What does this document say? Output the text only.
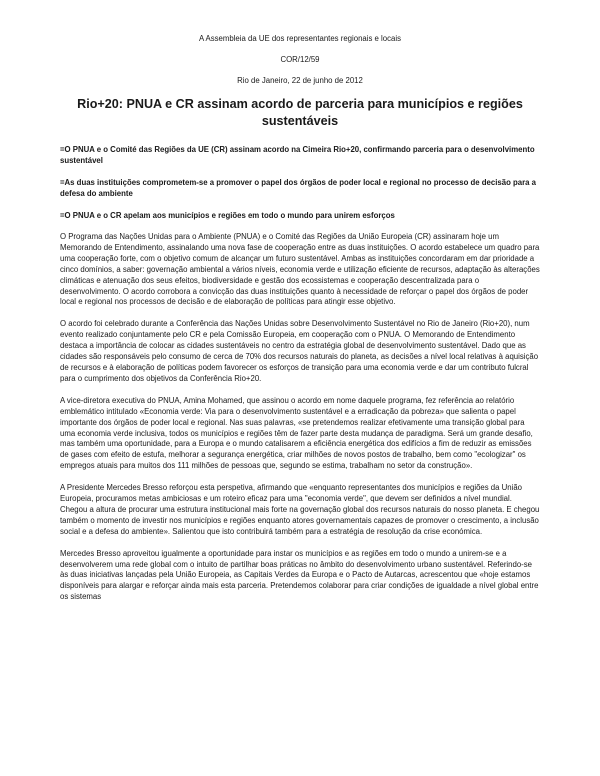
A Assembleia da UE dos representantes regionais e locais

COR/12/59

Rio de Janeiro, 22 de junho de 2012

Rio+20: PNUA e CR assinam acordo de parceria para municípios e regiões sustentáveis

=O PNUA e o Comité das Regiões da UE (CR) assinam acordo na Cimeira Rio+20, confirmando parceria para o desenvolvimento sustentável

=As duas instituições comprometem-se a promover o papel dos órgãos de poder local e regional no processo de decisão para a defesa do ambiente

=O PNUA e o CR apelam aos municípios e regiões em todo o mundo para unirem esforços

O Programa das Nações Unidas para o Ambiente (PNUA) e o Comité das Regiões da União Europeia (CR) assinaram hoje um Memorando de Entendimento, assinalando uma nova fase de cooperação entre as duas instituições. O acordo estabelece um quadro para uma cooperação forte, com o objetivo comum de alcançar um futuro sustentável. Ambas as instituições concordaram em dar prioridade a cinco domínios, a saber: governação ambiental a vários níveis, economia verde e utilização eficiente de recursos, adaptação às alterações climáticas e atenuação dos seus efeitos, biodiversidade e gestão dos ecossistemas e cooperação descentralizada para o desenvolvimento. O acordo corrobora a convicção das duas instituições quanto à necessidade de reforçar o papel dos órgãos de poder local e regional nos processos de decisão e de elaboração de políticas para atingir esse objetivo.

O acordo foi celebrado durante a Conferência das Nações Unidas sobre Desenvolvimento Sustentável no Rio de Janeiro (Rio+20), num evento realizado conjuntamente pelo CR e pela Comissão Europeia, em cooperação com o PNUA. O Memorando de Entendimento destaca a importância de colocar as cidades sustentáveis no centro da estratégia global de desenvolvimento sustentável. Dado que as cidades são responsáveis pelo consumo de cerca de 70% dos recursos naturais do planeta, as decisões a nível local relativas à aquisição de recursos e à elaboração de políticas podem favorecer os esforços de transição para uma economia verde e dar um contributo fulcral para o cumprimento dos objetivos da Conferência Rio+20.

A vice-diretora executiva do PNUA, Amina Mohamed, que assinou o acordo em nome daquele programa, fez referência ao relatório emblemático intitulado «Economia verde: Via para o desenvolvimento sustentável e a erradicação da pobreza» que salienta o papel importante dos órgãos de poder local e regional. Nas suas palavras, «se pretendemos realizar efetivamente uma transição global para uma economia verde inclusiva, todos os municípios e regiões têm de fazer parte desta mudança de paradigma. Será um grande desafio, mas também uma oportunidade, para a Europa e o mundo catalisarem a eficiência energética dos edifícios a fim de reduzir as emissões de gases com efeito de estufa, melhorar a segurança energética, criar milhões de novos postos de trabalho, bem como "ecologizar" os empregos atuais para muitos dos 111 milhões de pessoas que, segundo se estima, trabalham no setor da construção».

A Presidente Mercedes Bresso reforçou esta perspetiva, afirmando que «enquanto representantes dos municípios e regiões da União Europeia, procuramos metas ambiciosas e um roteiro eficaz para uma "economia verde", que devem ser definidos a nível mundial. Chegou a altura de procurar uma estrutura institucional mais forte na governação global dos recursos naturais do nosso planeta. E chegou também o momento de investir nos municípios e regiões enquanto atores governamentais capazes de promover o crescimento, a inclusão social e a defesa do ambiente». Salientou que isto contribuirá também para a estratégia de resolução da crise económica.

Mercedes Bresso aproveitou igualmente a oportunidade para instar os municípios e as regiões em todo o mundo a unirem-se e a desenvolverem uma rede global com o intuito de partilhar boas práticas no âmbito do desenvolvimento urbano sustentável. Referindo-se às duas iniciativas lançadas pela União Europeia, as Capitais Verdes da Europa e o Pacto de Autarcas, acrescentou que «hoje estamos disponíveis para alargar e reforçar ainda mais esta parceria. Pretendemos colaborar para criar condições de igualdade a nível global entre os sistemas
